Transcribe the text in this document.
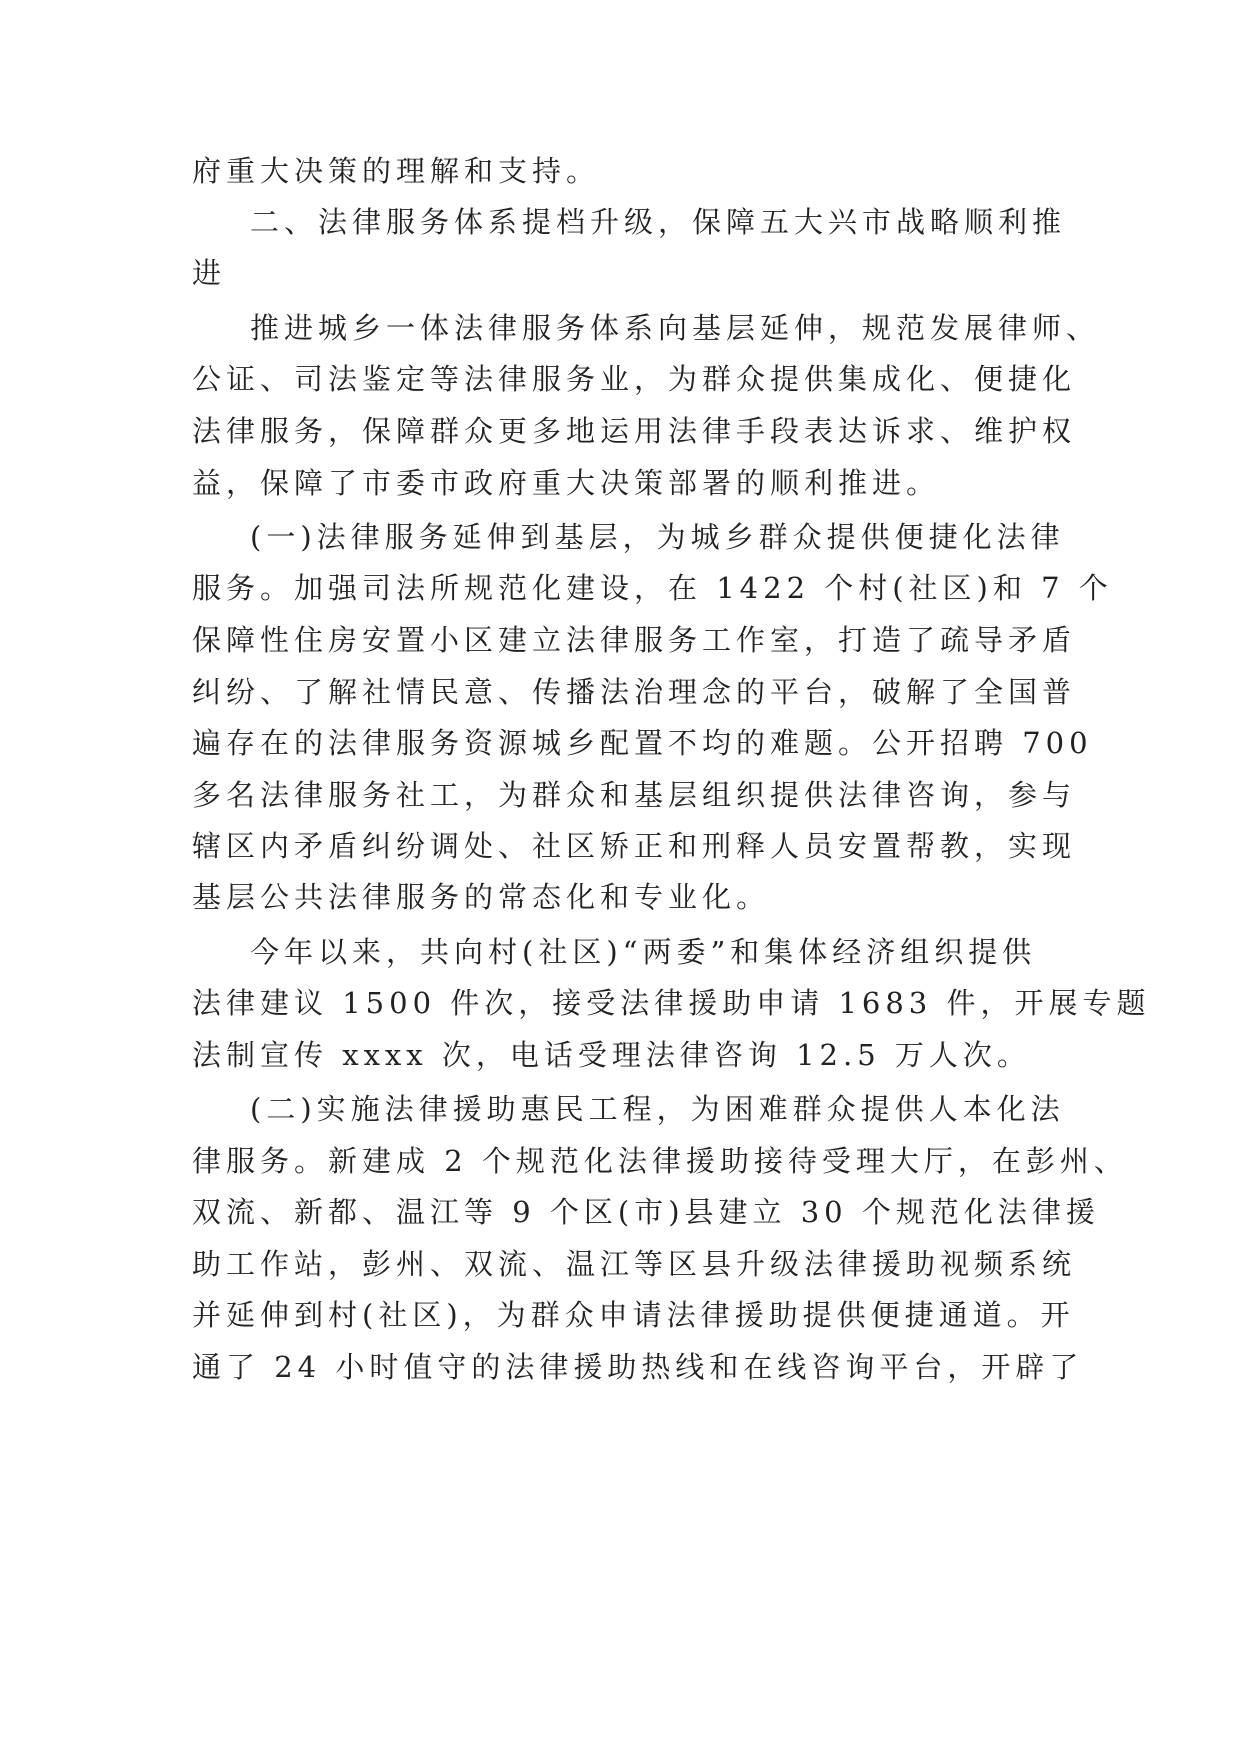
府重大决策的理解和支持。
二、法律服务体系提档升级，保障五大兴市战略顺利推
进
推进城乡一体法律服务体系向基层延伸，规范发展律师、
公证、司法鉴定等法律服务业，为群众提供集成化、便捷化
法律服务，保障群众更多地运用法律手段表达诉求、维护权
益，保障了市委市政府重大决策部署的顺利推进。
(一)法律服务延伸到基层，为城乡群众提供便捷化法律
服务。加强司法所规范化建设，在 1422 个村(社区)和 7 个
保障性住房安置小区建立法律服务工作室，打造了疏导矛盾
纠纷、了解社情民意、传播法治理念的平台，破解了全国普
遍存在的法律服务资源城乡配置不均的难题。公开招聘 700
多名法律服务社工，为群众和基层组织提供法律咨询，参与
辖区内矛盾纠纷调处、社区矫正和刑释人员安置帮教，实现
基层公共法律服务的常态化和专业化。
今年以来，共向村(社区)“两委”和集体经济组织提供
法律建议 1500 件次，接受法律援助申请 1683 件，开展专题
法制宣传 xxxx 次，电话受理法律咨询 12.5 万人次。
(二)实施法律援助惠民工程，为困难群众提供人本化法
律服务。新建成 2 个规范化法律援助接待受理大厅，在彭州、
双流、新都、温江等 9 个区(市)县建立 30 个规范化法律援
助工作站，彭州、双流、温江等区县升级法律援助视频系统
并延伸到村(社区)，为群众申请法律援助提供便捷通道。开
通了 24 小时值守的法律援助热线和在线咨询平台，开辟了
